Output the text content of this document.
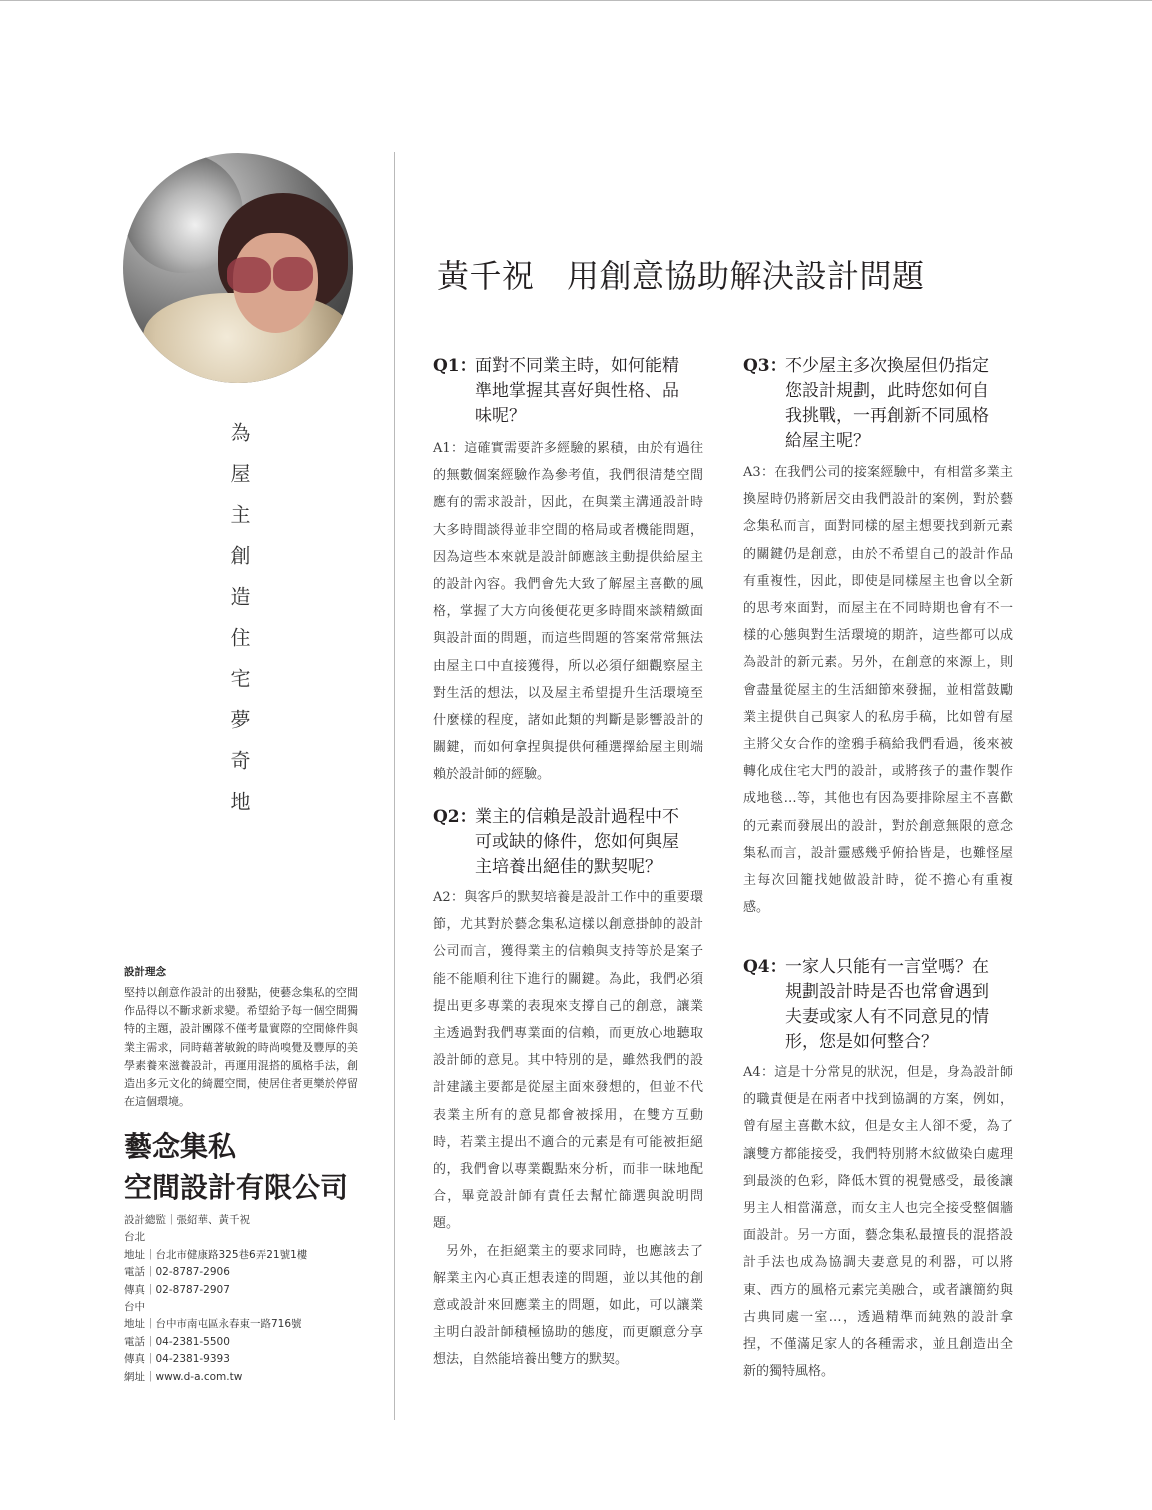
為屋主創造住宅夢奇地
設計理念
堅持以創意作設計的出發點，使藝念集私的空間作品得以不斷求新求變。希望給予每一個空間獨特的主題，設計團隊不僅考量實際的空間條件與業主需求，同時藉著敏銳的時尚嗅覺及豐厚的美學素養來滋養設計，再運用混搭的風格手法，創造出多元文化的綺麗空間，使居住者更樂於停留在這個環境。
藝念集私
空間設計有限公司
設計總監｜張紹華、黃千祝
台北
地址｜台北市健康路325巷6弄21號1樓
電話｜02-8787-2906
傳真｜02-8787-2907
台中
地址｜台中市南屯區永春東一路716號
電話｜04-2381-5500
傳真｜04-2381-9393
網址｜www.d-a.com.tw
黃千祝　用創意協助解決設計問題
Q1：
面對不同業主時，如何能精
準地掌握其喜好與性格、品
味呢？
A1：這確實需要許多經驗的累積，由於有過往的無數個案經驗作為參考值，我們很清楚空間應有的需求設計，因此，在與業主溝通設計時大多時間談得並非空間的格局或者機能問題，因為這些本來就是設計師應該主動提供給屋主的設計內容。我們會先大致了解屋主喜歡的風格，掌握了大方向後便花更多時間來談精緻面與設計面的問題，而這些問題的答案常常無法由屋主口中直接獲得，所以必須仔細觀察屋主對生活的想法，以及屋主希望提升生活環境至什麼樣的程度，諸如此類的判斷是影響設計的關鍵，而如何拿捏與提供何種選擇給屋主則端賴於設計師的經驗。
Q2：
業主的信賴是設計過程中不
可或缺的條件，您如何與屋
主培養出絕佳的默契呢？
A2：與客戶的默契培養是設計工作中的重要環節，尤其對於藝念集私這樣以創意掛帥的設計公司而言，獲得業主的信賴與支持等於是案子能不能順利往下進行的關鍵。為此，我們必須提出更多專業的表現來支撐自己的創意，讓業主透過對我們專業面的信賴，而更放心地聽取設計師的意見。其中特別的是，雖然我們的設計建議主要都是從屋主面來發想的，但並不代表業主所有的意見都會被採用，在雙方互動時，若業主提出不適合的元素是有可能被拒絕的，我們會以專業觀點來分析，而非一昧地配合，畢竟設計師有責任去幫忙篩選與說明問題。
另外，在拒絕業主的要求同時，也應該去了解業主內心真正想表達的問題，並以其他的創意或設計來回應業主的問題，如此，可以讓業主明白設計師積極協助的態度，而更願意分享想法，自然能培養出雙方的默契。
Q3：
不少屋主多次換屋但仍指定
您設計規劃，此時您如何自
我挑戰，一再創新不同風格
給屋主呢？
A3：在我們公司的接案經驗中，有相當多業主換屋時仍將新居交由我們設計的案例，對於藝念集私而言，面對同樣的屋主想要找到新元素的關鍵仍是創意，由於不希望自己的設計作品有重複性，因此，即使是同樣屋主也會以全新的思考來面對，而屋主在不同時期也會有不一樣的心態與對生活環境的期許，這些都可以成為設計的新元素。另外，在創意的來源上，則會盡量從屋主的生活細節來發掘，並相當鼓勵業主提供自己與家人的私房手稿，比如曾有屋主將父女合作的塗鴉手稿給我們看過，後來被轉化成住宅大門的設計，或將孩子的畫作製作成地毯…等，其他也有因為要排除屋主不喜歡的元素而發展出的設計，對於創意無限的意念集私而言，設計靈感幾乎俯拾皆是，也難怪屋主每次回籠找她做設計時，從不擔心有重複感。
Q4：
一家人只能有一言堂嗎？在
規劃設計時是否也常會遇到
夫妻或家人有不同意見的情
形，您是如何整合？
A4：這是十分常見的狀況，但是，身為設計師的職責便是在兩者中找到協調的方案，例如，曾有屋主喜歡木紋，但是女主人卻不愛，為了讓雙方都能接受，我們特別將木紋做染白處理到最淡的色彩，降低木質的視覺感受，最後讓男主人相當滿意，而女主人也完全接受整個牆面設計。另一方面，藝念集私最擅長的混搭設計手法也成為協調夫妻意見的利器，可以將東、西方的風格元素完美融合，或者讓簡約與古典同處一室…，透過精準而純熟的設計拿捏，不僅滿足家人的各種需求，並且創造出全新的獨特風格。
